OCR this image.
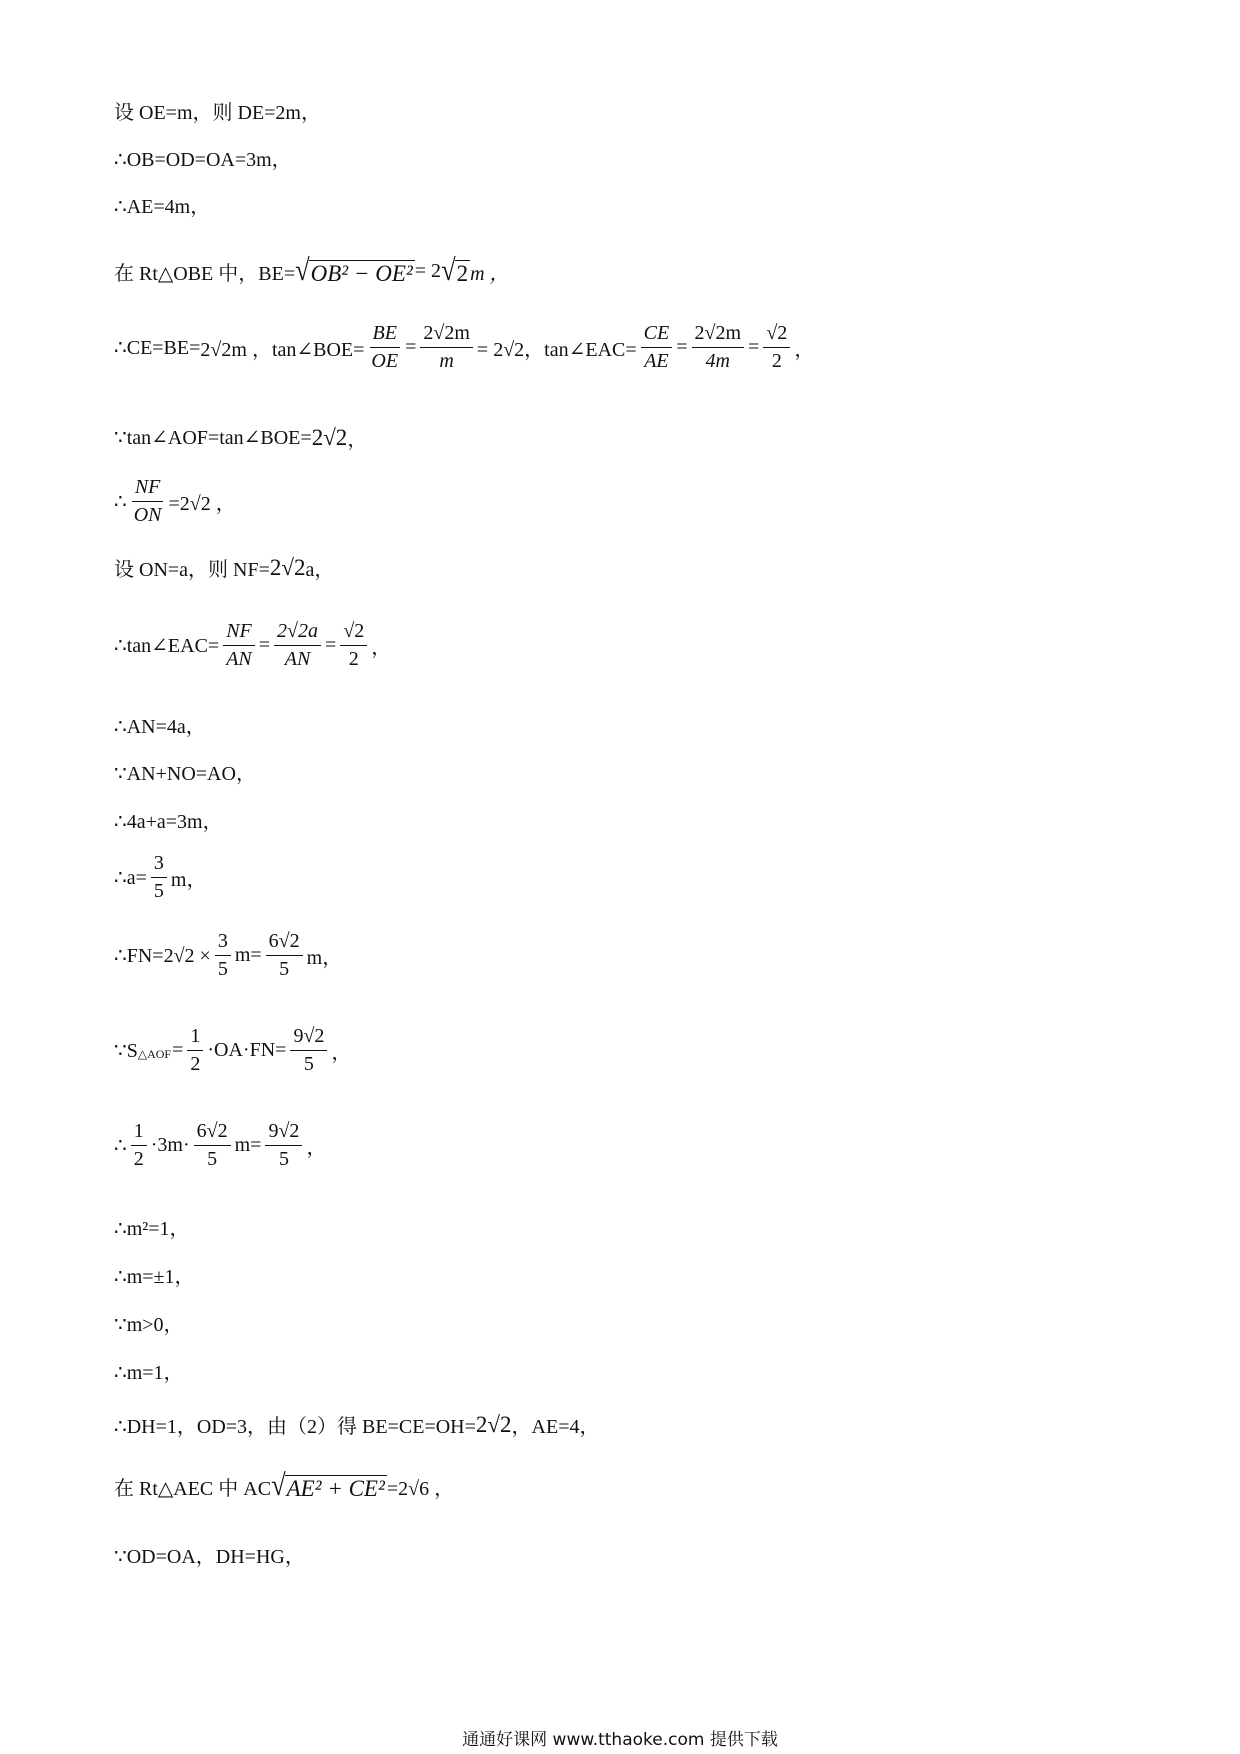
设 OE=m，则 DE=2m，
∴OB=OD=OA=3m，
∴AE=4m，
在 Rt△OBE 中，BE= √ OB² − OE² = 2 √ 2 m ，
∴CE=BE= 2√2m ，tan∠BOE= $\frac{BE}{OE} = \frac{2√2m}{m} = 2√2$，tan∠EAC= $\frac{CE}{AE} = \frac{2√2m}{4m} = \frac{√2}{2}$ ，
∵tan∠AOF=tan∠BOE= 2√2 ，
∴ $\frac{NF}{ON} =2√2$ ，
设 ON=a，则 NF= 2√2 a，
∴tan∠EAC= $\frac{NF}{AN} = \frac{2√2a}{AN} = \frac{√2}{2}$ ，
∴AN=4a，
∵AN+NO=AO，
∴4a+a=3m，
∴a= $\frac{3}{5}$ m，
∴FN=2√2 × $\frac{3}{5} m= \frac{6√2}{5}$ m，
∵S △AOF = $\frac{1}{2} \cdot OA\cdot FN= \frac{9√2}{5}$ ，
∴ $\frac{1}{2} \cdot 3m\cdot \frac{6√2}{5} m= \frac{9√2}{5}$ ，
∴m²=1，
∴m=±1，
∵m>0，
∴m=1，
∴DH=1，OD=3，由（2）得 BE=CE=OH= 2√2 ，AE=4，
在 Rt△AEC 中 AC √ AE² + CE² =2√6 ，
∵OD=OA，DH=HG，
通通好课网 www.tthaoke.com 提供下载
